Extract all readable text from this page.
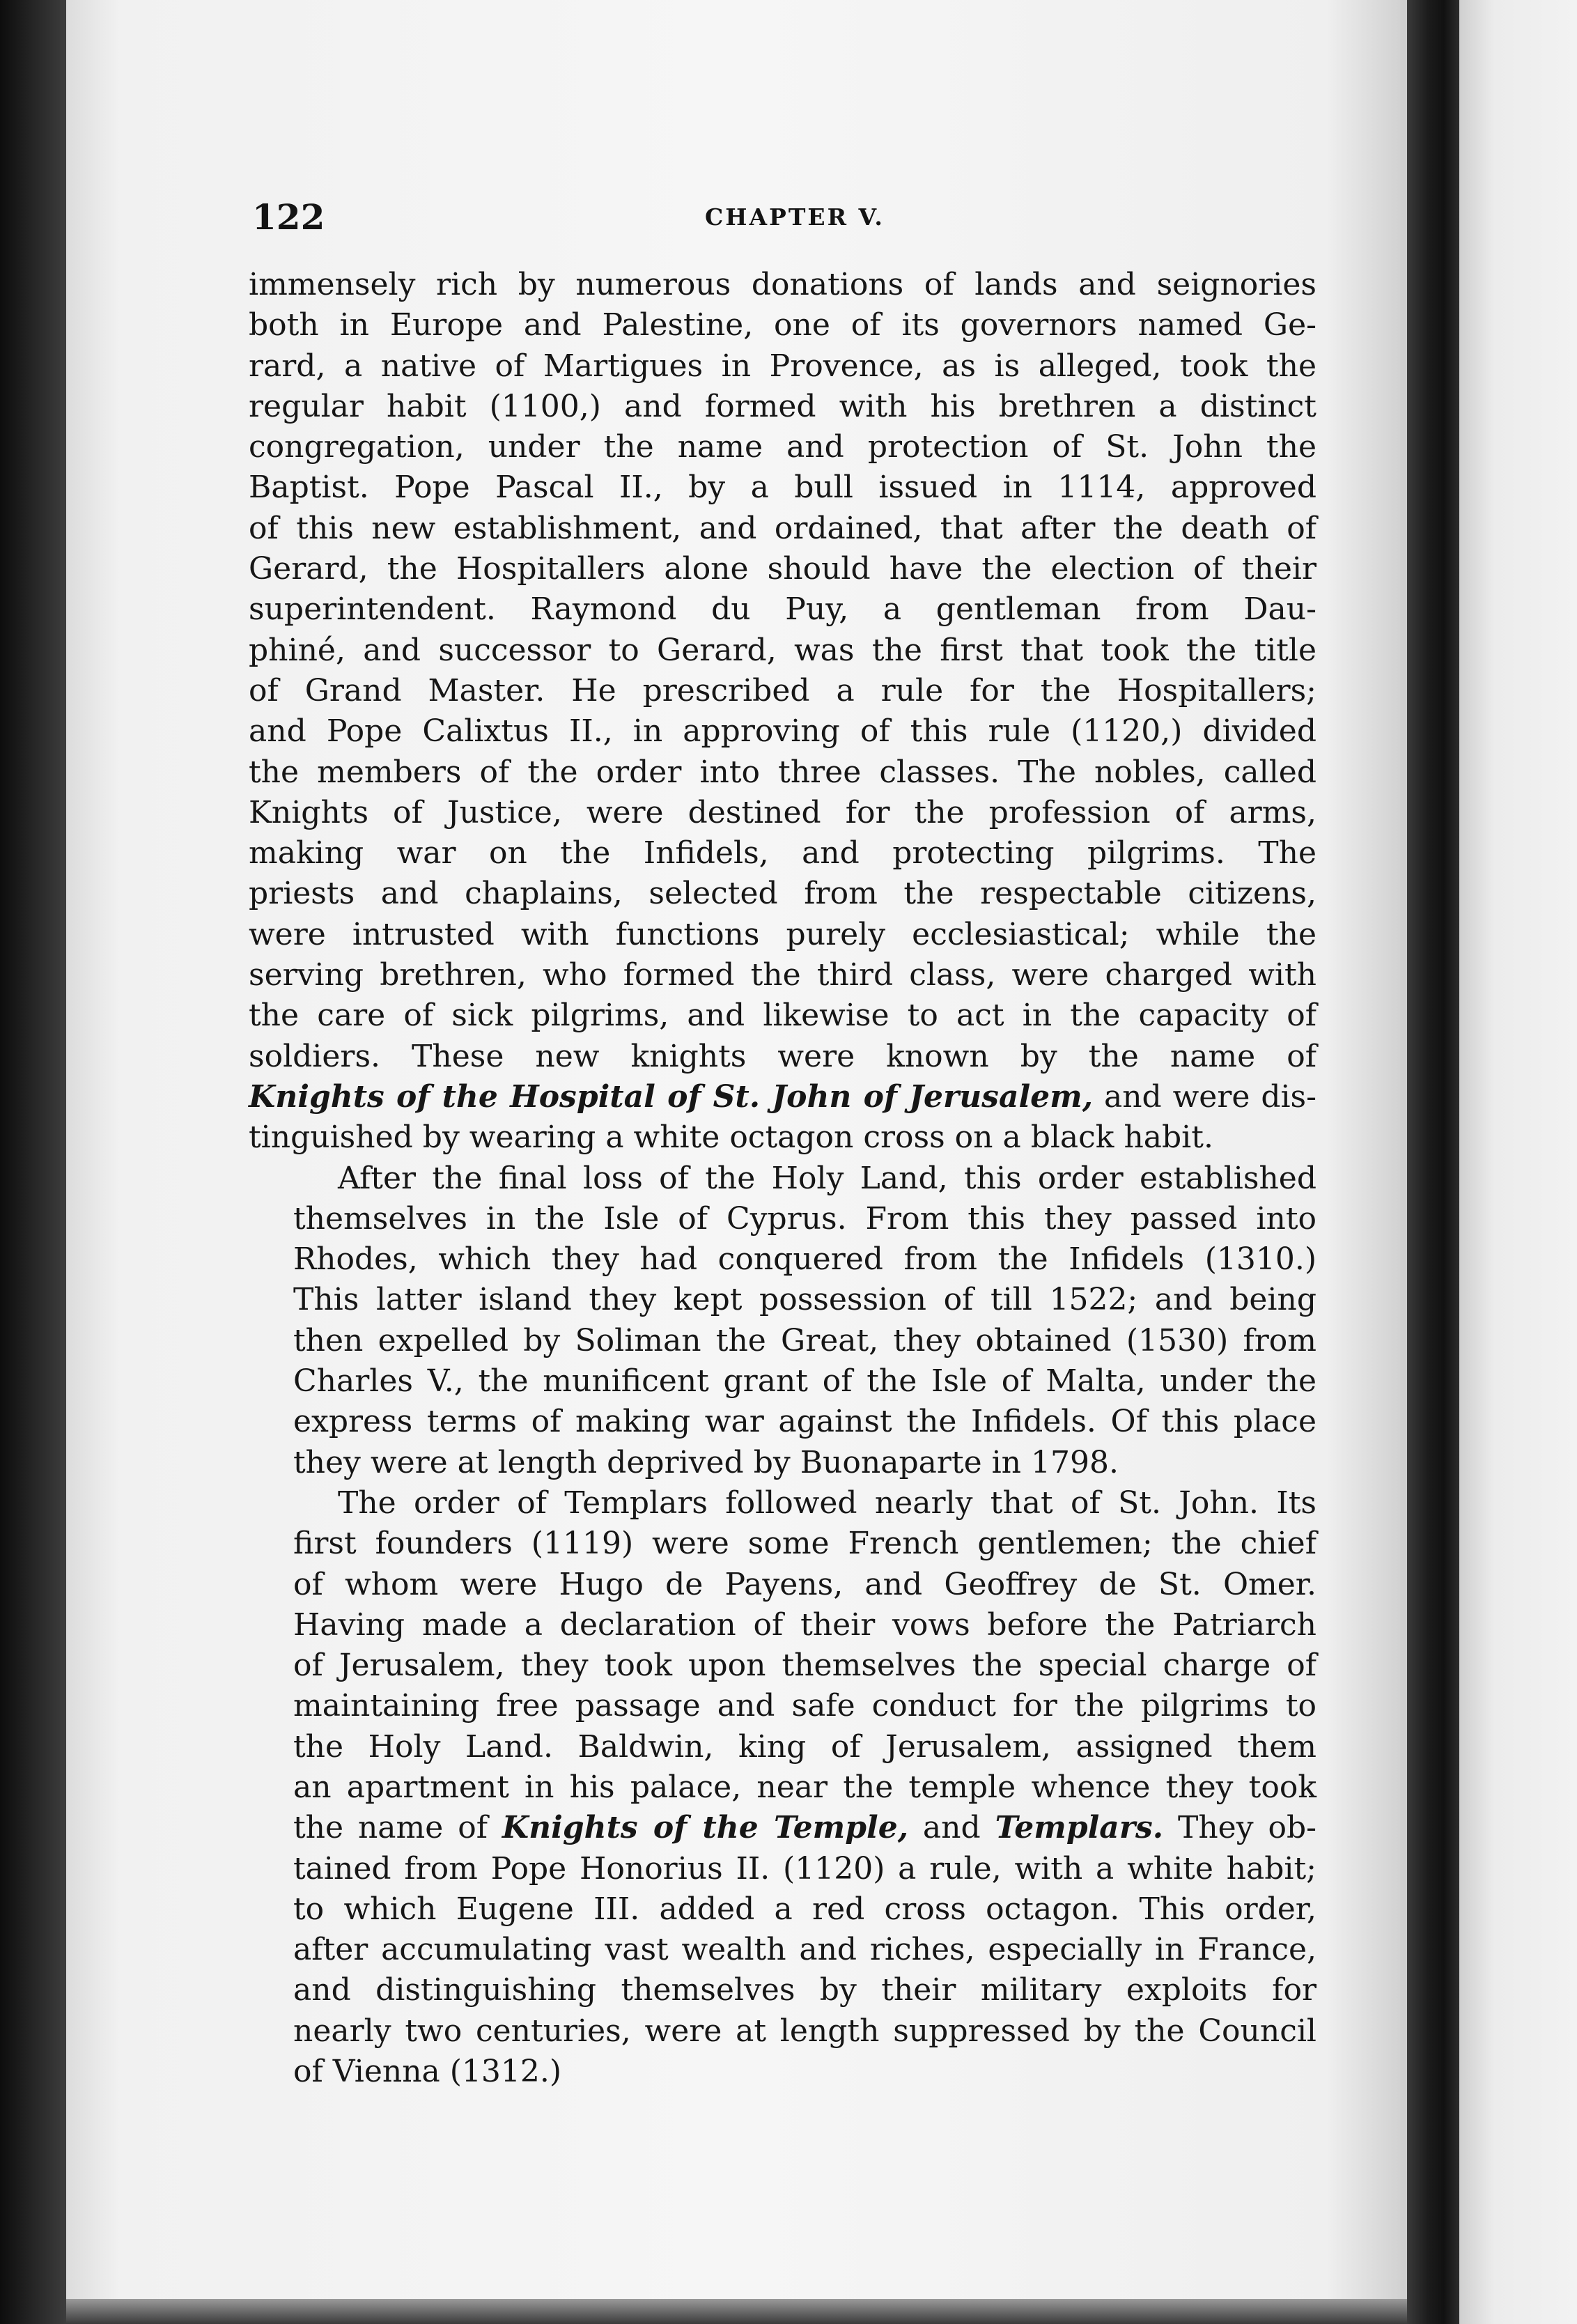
122	CHAPTER V.

immensely rich by numerous donations of lands and seignories
both in Europe and Palestine, one of its governors named Ge-
rard, a native of Martigues in Provence, as is alleged, took the
regular habit (1100,) and formed with his brethren a distinct
congregation, under the name and protection of St. John the
Baptist. Pope Pascal II., by a bull issued in 1114, approved
of this new establishment, and ordained, that after the death of
Gerard, the Hospitallers alone should have the election of their
superintendent. Raymond du Puy, a gentleman from Dau-
phiné, and successor to Gerard, was the first that took the title
of Grand Master. He prescribed a rule for the Hospitallers;
and Pope Calixtus II., in approving of this rule (1120,) divided
the members of the order into three classes. The nobles, called
Knights of Justice, were destined for the profession of arms,
making war on the Infidels, and protecting pilgrims. The
priests and chaplains, selected from the respectable citizens,
were intrusted with functions purely ecclesiastical; while the
serving brethren, who formed the third class, were charged with
the care of sick pilgrims, and likewise to act in the capacity of
soldiers. These new knights were known by the name of
Knights of the Hospital of St. John of Jerusalem, and were dis-
tinguished by wearing a white octagon cross on a black habit.

After the final loss of the Holy Land, this order established
themselves in the Isle of Cyprus. From this they passed into
Rhodes, which they had conquered from the Infidels (1310.)
This latter island they kept possession of till 1522; and being
then expelled by Soliman the Great, they obtained (1530) from
Charles V., the munificent grant of the Isle of Malta, under the
express terms of making war against the Infidels. Of this place
they were at length deprived by Buonaparte in 1798.

The order of Templars followed nearly that of St. John. Its
first founders (1119) were some French gentlemen; the chief
of whom were Hugo de Payens, and Geoffrey de St. Omer.
Having made a declaration of their vows before the Patriarch
of Jerusalem, they took upon themselves the special charge of
maintaining free passage and safe conduct for the pilgrims to
the Holy Land. Baldwin, king of Jerusalem, assigned them
an apartment in his palace, near the temple whence they took
the name of Knights of the Temple, and Templars. They ob-
tained from Pope Honorius II. (1120) a rule, with a white habit;
to which Eugene III. added a red cross octagon. This order,
after accumulating vast wealth and riches, especially in France,
and distinguishing themselves by their military exploits for
nearly two centuries, were at length suppressed by the Council
of Vienna (1312.)
